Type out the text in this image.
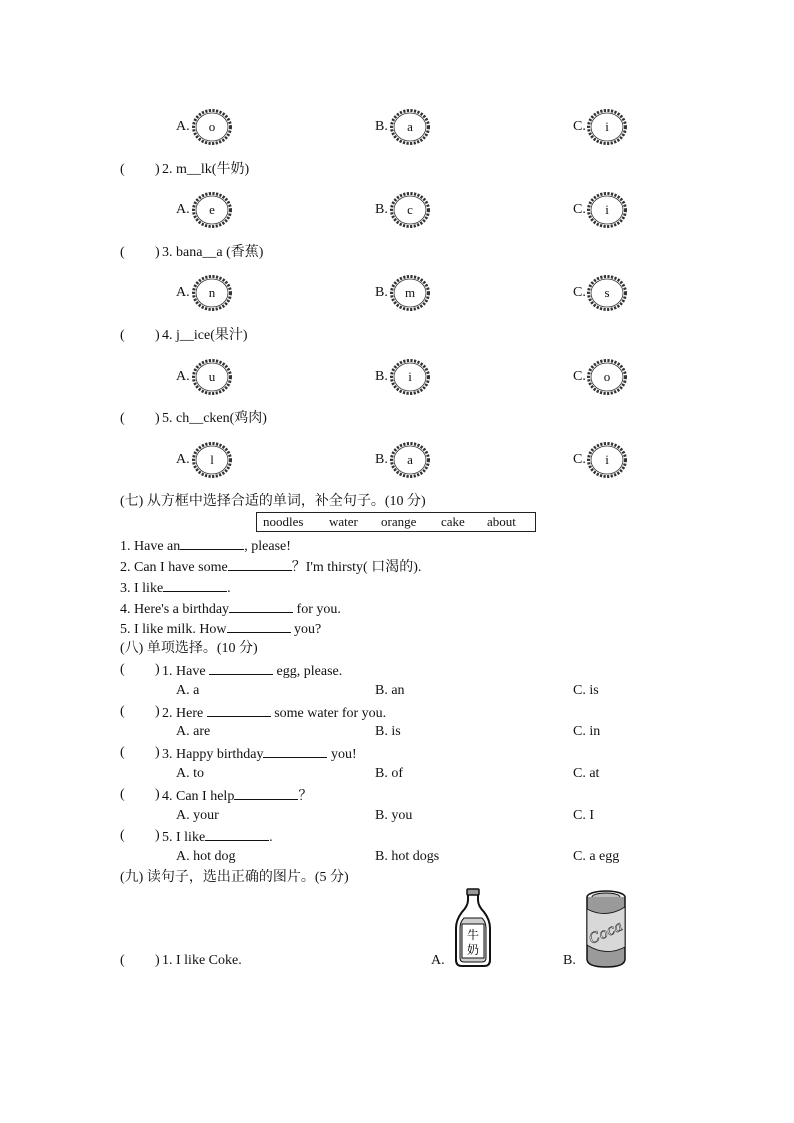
A.	o	B.	a	C.	i
( ) 2. m__lk(牛奶)
A.	e	B.	c	C.	i
( ) 3. bana__a (香蕉)
A.	n	B.	m	C.	s
( ) 4. j__ice(果汁)
A.	u	B.	i	C.	o
( ) 5. ch__cken(鸡肉)
A.	l	B.	a	C.	i
(七) 从方框中选择合适的单词，补全句子。(10 分)
noodles water orange cake about
1. Have an	, please!
2. Can I have some	？I'm thirsty( 口渴的).
3. I like	.
4. Here's a birthday	for you.
5. I like milk. How	you?
(八) 单项选择。(10 分)
( ) 1. Have	egg, please.
A. a	B. an	C. is
( ) 2. Here	some water for you.
A. are	B. is	C. in
( ) 3. Happy birthday	you!
A. to	B. of	C. at
( ) 4. Can I help	？
A. your	B. you	C. I
( ) 5. I like	.
A. hot dog	B. hot dogs	C. a egg
(九) 读句子，选出正确的图片。(5 分)
( ) 1. I like Coke.	A.
牛
奶
B.
Coca
